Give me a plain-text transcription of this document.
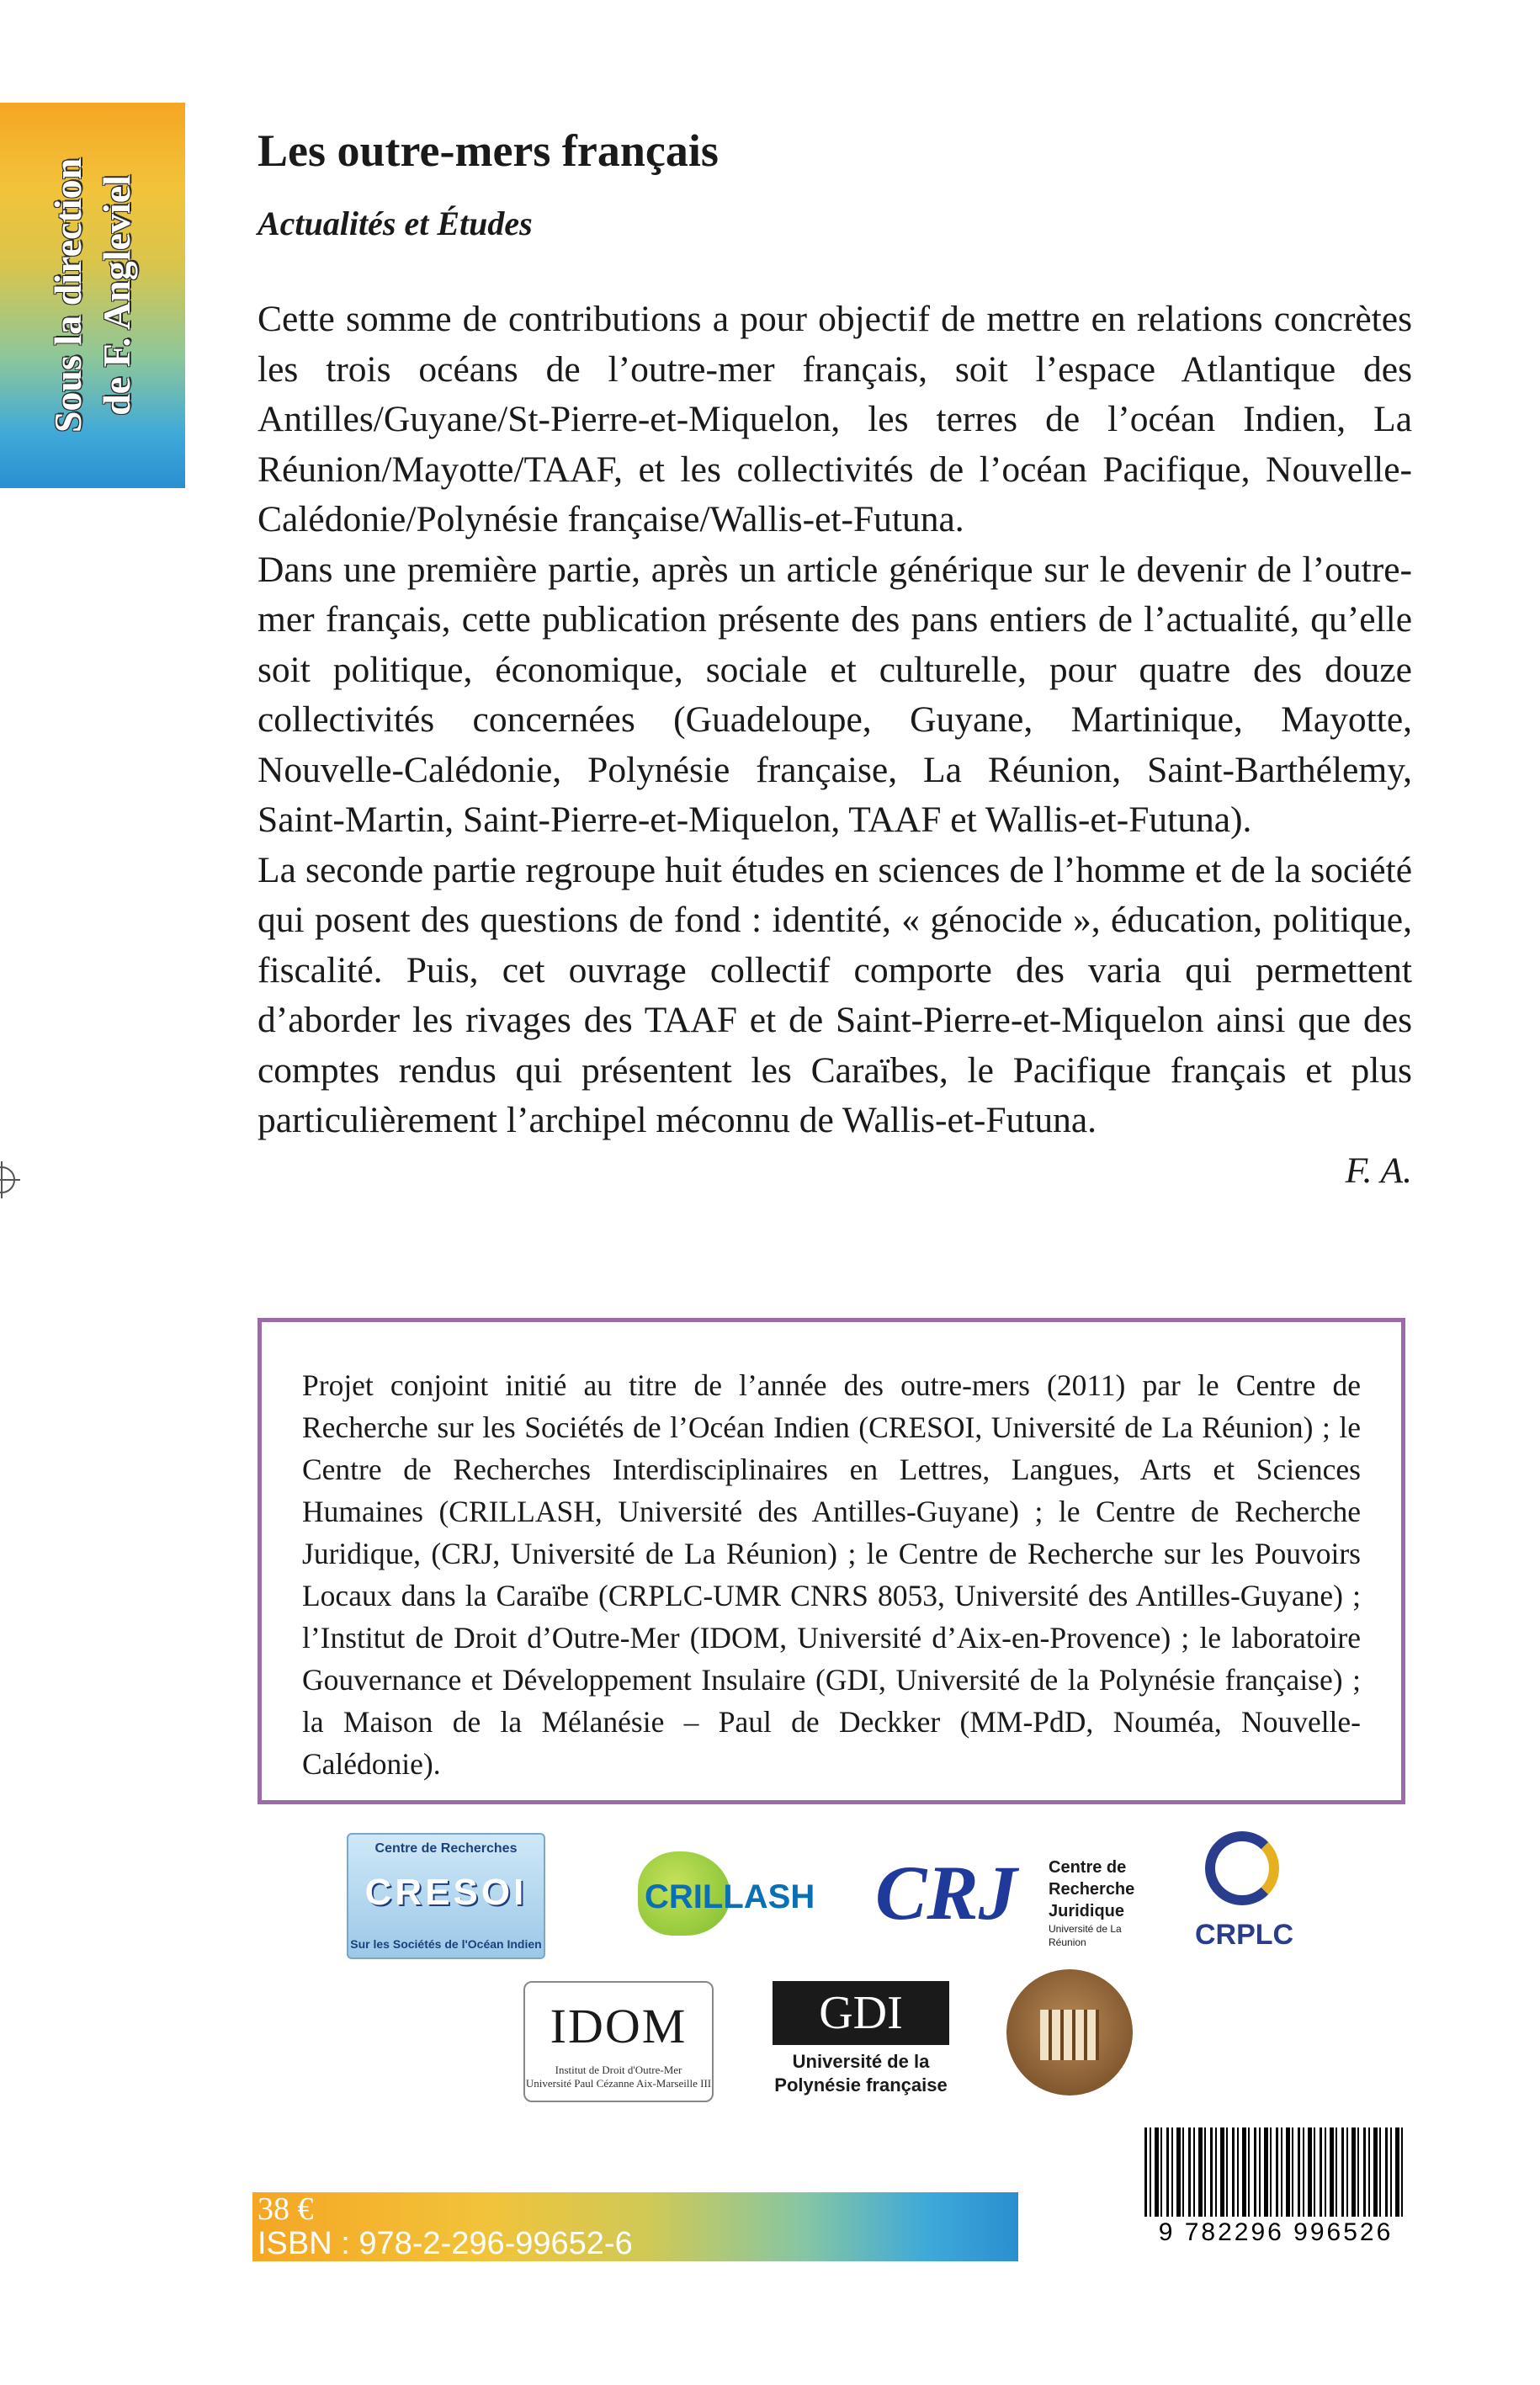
Sous la direction de F. Angleviel
Les outre-mers français
Actualités et Études

Cette somme de contributions a pour objectif de mettre en relations concrètes les trois océans de l’outre-mer français, soit l’espace Atlantique des Antilles/Guyane/St-Pierre-et-Miquelon, les terres de l’océan Indien, La Réunion/Mayotte/TAAF, et les collectivités de l’océan Pacifique, Nouvelle-Calédonie/Polynésie française/Wallis-et-Futuna.

Dans une première partie, après un article générique sur le devenir de l’outre-mer français, cette publication présente des pans entiers de l’actualité, qu’elle soit politique, économique, sociale et culturelle, pour quatre des douze collectivités concernées (Guadeloupe, Guyane, Martinique, Mayotte, Nouvelle-Calédonie, Polynésie française, La Réunion, Saint-Barthélemy, Saint-Martin, Saint-Pierre-et-Miquelon, TAAF et Wallis-et-Futuna).

La seconde partie regroupe huit études en sciences de l’homme et de la société qui posent des questions de fond : identité, « génocide », éducation, politique, fiscalité. Puis, cet ouvrage collectif comporte des varia qui permettent d’aborder les rivages des TAAF et de Saint-Pierre-et-Miquelon ainsi que des comptes rendus qui présentent les Caraïbes, le Pacifique français et plus particulièrement l’archipel méconnu de Wallis-et-Futuna.

F. A.

Projet conjoint initié au titre de l’année des outre-mers (2011) par le Centre de Recherche sur les Sociétés de l’Océan Indien (CRESOI, Université de La Réunion) ; le Centre de Recherches Interdisciplinaires en Lettres, Langues, Arts et Sciences Humaines (CRILLASH, Université des Antilles-Guyane) ; le Centre de Recherche Juridique, (CRJ, Université de La Réunion) ; le Centre de Recherche sur les Pouvoirs Locaux dans la Caraïbe (CRPLC-UMR CNRS 8053, Université des Antilles-Guyane) ; l’Institut de Droit d’Outre-Mer (IDOM, Université d’Aix-en-Provence) ; le laboratoire Gouvernance et Développement Insulaire (GDI, Université de la Polynésie française) ; la Maison de la Mélanésie – Paul de Deckker (MM-PdD, Nouméa, Nouvelle-Calédonie).

Centre de Recherches
CRESOI
Sur les Sociétés de l'Océan Indien
CRILLASH CRJ Centre de
Recherche
Juridique
Université de La Réunion	CRPLC
IDOM
Institut de Droit d'Outre-Mer
Université Paul Cézanne Aix-Marseille III
GDI
Université de la
Polynésie française
9 782296 996526
38 €
ISBN : 978-2-296-99652-6
